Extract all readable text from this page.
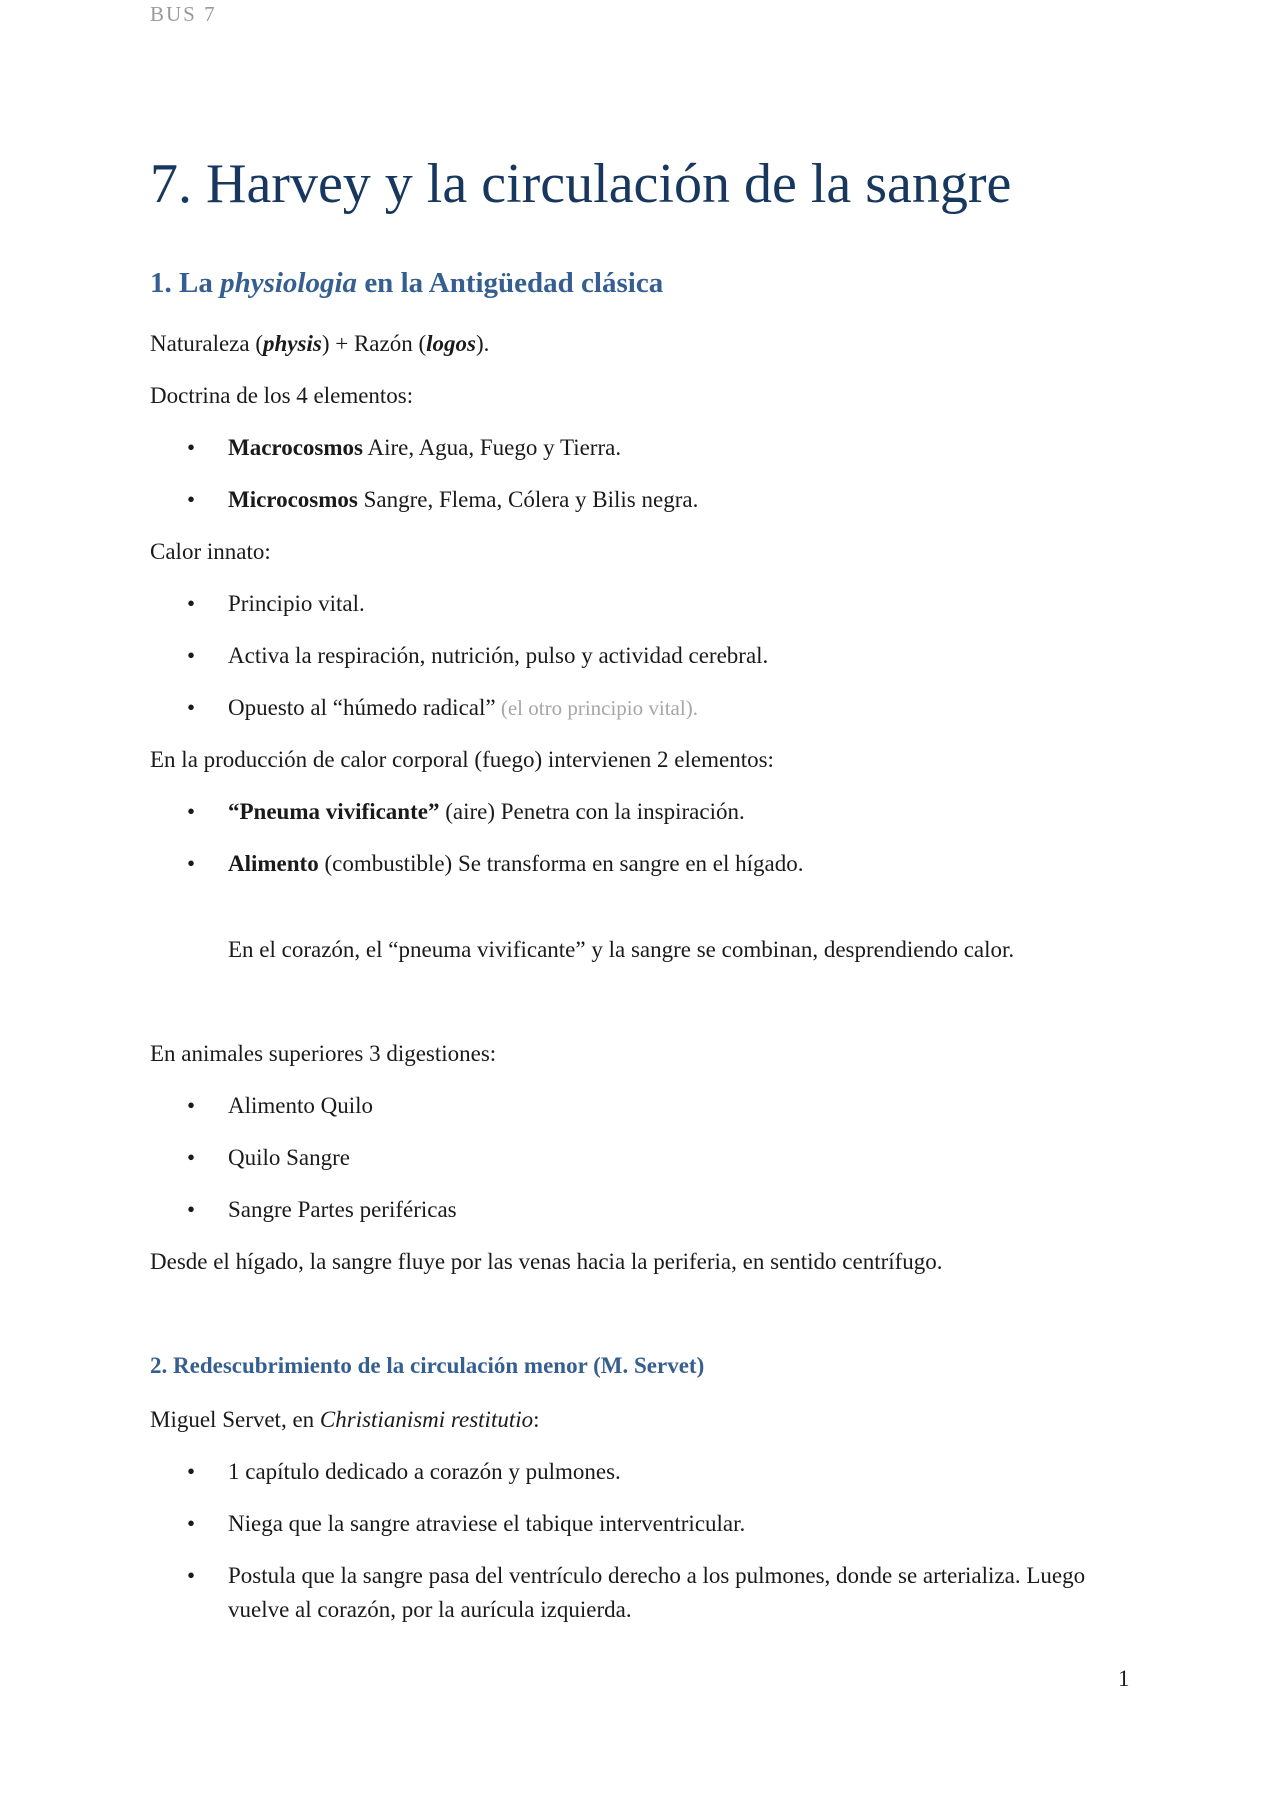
BUS 7
7. Harvey y la circulación de la sangre
1. La physiologia en la Antigüedad clásica
Naturaleza (physis) + Razón (logos).
Doctrina de los 4 elementos:
• Macrocosmos Aire, Agua, Fuego y Tierra.
• Microcosmos Sangre, Flema, Cólera y Bilis negra.
Calor innato:
• Principio vital.
• Activa la respiración, nutrición, pulso y actividad cerebral.
• Opuesto al “húmedo radical” (el otro principio vital).
En la producción de calor corporal (fuego) intervienen 2 elementos:
• “Pneuma vivificante” (aire) Penetra con la inspiración.
• Alimento (combustible) Se transforma en sangre en el hígado.
En el corazón, el “pneuma vivificante” y la sangre se combinan, desprendiendo calor.
En animales superiores 3 digestiones:
• Alimento Quilo
• Quilo Sangre
• Sangre Partes periféricas
Desde el hígado, la sangre fluye por las venas hacia la periferia, en sentido centrífugo.
2. Redescubrimiento de la circulación menor (M. Servet)
Miguel Servet, en Christianismi restitutio:
• 1 capítulo dedicado a corazón y pulmones.
• Niega que la sangre atraviese el tabique interventricular.
• Postula que la sangre pasa del ventrículo derecho a los pulmones, donde se arterializa. Luego vuelve al corazón, por la aurícula izquierda.
1
